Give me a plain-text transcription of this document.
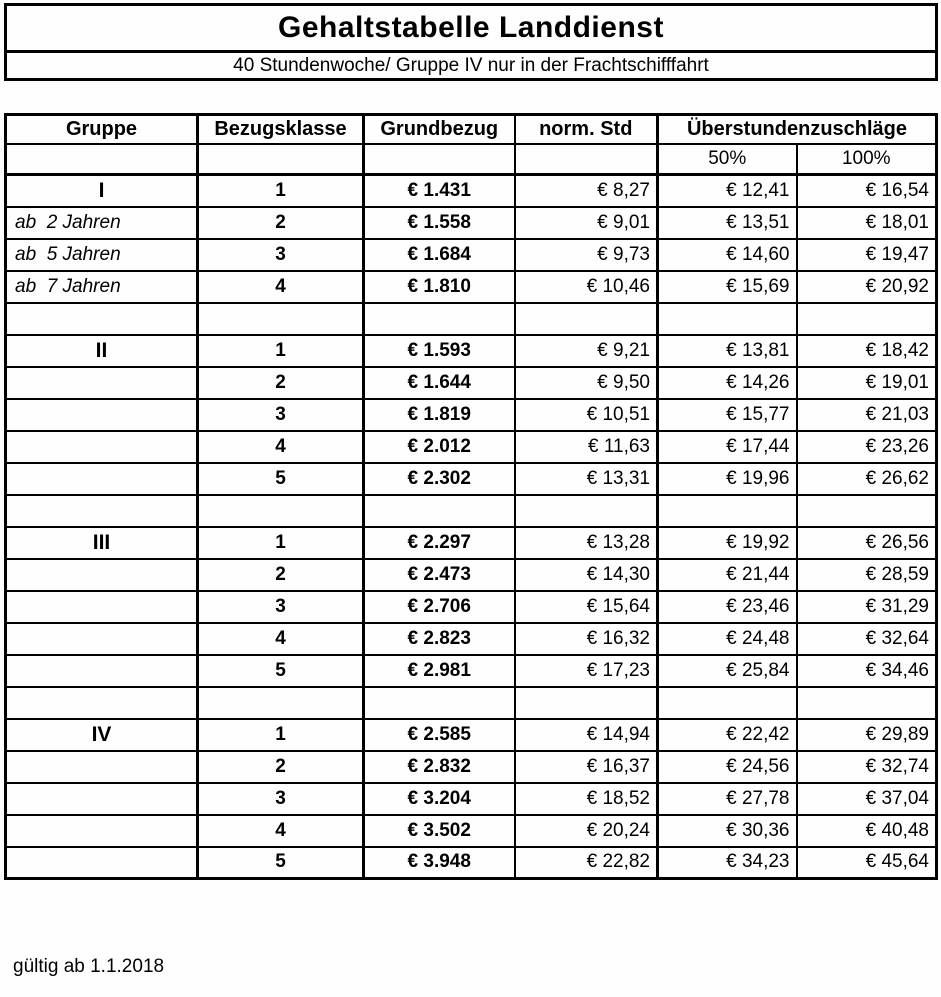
Gehaltstabelle Landdienst
40 Stundenwoche/ Gruppe IV nur in der Frachtschifffahrt
Gruppe	Bezugsklasse	Grundbezug	norm. Std	Überstundenzuschläge	
				50%	100%
I	1	€ 1.431	€ 8,27	€ 12,41	€ 16,54
ab  2 Jahren	2	€ 1.558	€ 9,01	€ 13,51	€ 18,01
ab  5 Jahren	3	€ 1.684	€ 9,73	€ 14,60	€ 19,47
ab  7 Jahren	4	€ 1.810	€ 10,46	€ 15,69	€ 20,92

II	1	€ 1.593	€ 9,21	€ 13,81	€ 18,42
	2	€ 1.644	€ 9,50	€ 14,26	€ 19,01
	3	€ 1.819	€ 10,51	€ 15,77	€ 21,03
	4	€ 2.012	€ 11,63	€ 17,44	€ 23,26
	5	€ 2.302	€ 13,31	€ 19,96	€ 26,62

III	1	€ 2.297	€ 13,28	€ 19,92	€ 26,56
	2	€ 2.473	€ 14,30	€ 21,44	€ 28,59
	3	€ 2.706	€ 15,64	€ 23,46	€ 31,29
	4	€ 2.823	€ 16,32	€ 24,48	€ 32,64
	5	€ 2.981	€ 17,23	€ 25,84	€ 34,46

IV	1	€ 2.585	€ 14,94	€ 22,42	€ 29,89
	2	€ 2.832	€ 16,37	€ 24,56	€ 32,74
	3	€ 3.204	€ 18,52	€ 27,78	€ 37,04
	4	€ 3.502	€ 20,24	€ 30,36	€ 40,48
	5	€ 3.948	€ 22,82	€ 34,23	€ 45,64
gültig ab 1.1.2018
